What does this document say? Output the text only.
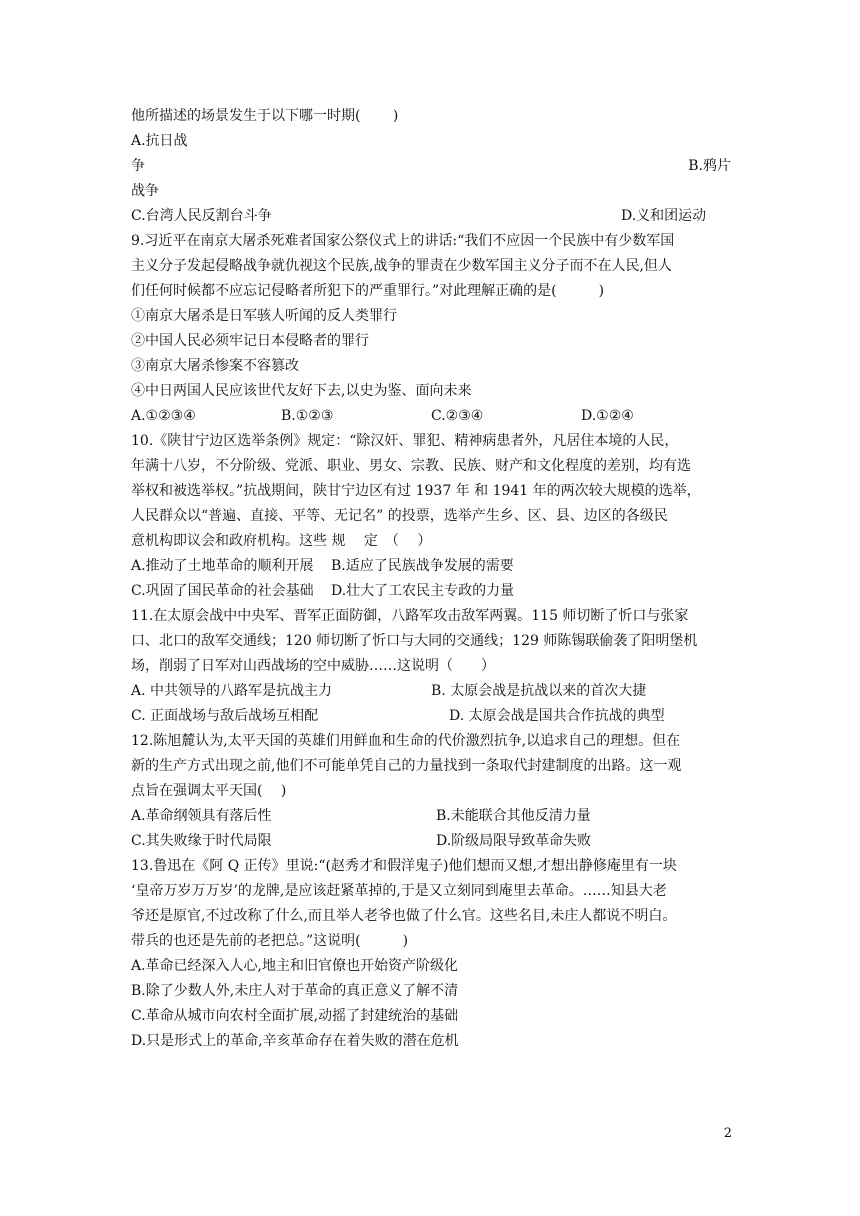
他所描述的场景发生于以下哪一时期(　　 )
A.抗日战
争	B.鸦片
战争
C.台湾人民反割台斗争	D.义和团运动
9.习近平在南京大屠杀死难者国家公祭仪式上的讲话:“我们不应因一个民族中有少数军国
主义分子发起侵略战争就仇视这个民族,战争的罪责在少数军国主义分子而不在人民,但人
们任何时候都不应忘记侵略者所犯下的严重罪行。”对此理解正确的是(　　　)
①南京大屠杀是日军骇人听闻的反人类罪行
②中国人民必须牢记日本侵略者的罪行
③南京大屠杀惨案不容篡改
④中日两国人民应该世代友好下去,以史为鉴、面向未来
A.①②③④	B.①②③	C.②③④	D.①②④
10.《陕甘宁边区选举条例》规定：“除汉奸、罪犯、精神病患者外，凡居住本境的人民，
年满十八岁，不分阶级、党派、职业、男女、宗教、民族、财产和文化程度的差别，均有选
举权和被选举权。”抗战期间，陕甘宁边区有过 1937 年 和 1941 年的两次较大规模的选举，
人民群众以“普遍、直接、平等、无记名” 的投票，选举产生乡、区、县、边区的各级民
意机构即议会和政府机构。这些 规　 定　（　 ）
A.推动了土地革命的顺利开展	B.适应了民族战争发展的需要
C.巩固了国民革命的社会基础	D.壮大了工农民主专政的力量
11.在太原会战中中央军、晋军正面防御，八路军攻击敌军两翼。115 师切断了忻口与张家
口、北口的敌军交通线；120 师切断了忻口与大同的交通线；129 师陈锡联偷袭了阳明堡机
场，削弱了日军对山西战场的空中威胁……这说明（　　）
A. 中共领导的八路军是抗战主力	B. 太原会战是抗战以来的首次大捷
C. 正面战场与敌后战场互相配	D. 太原会战是国共合作抗战的典型
12.陈旭麓认为,太平天国的英雄们用鲜血和生命的代价激烈抗争,以追求自己的理想。但在
新的生产方式出现之前,他们不可能单凭自己的力量找到一条取代封建制度的出路。这一观
点旨在强调太平天国(　 )
A.革命纲领具有落后性	B.未能联合其他反清力量
C.其失败缘于时代局限	D.阶级局限导致革命失败
13.鲁迅在《阿 Q 正传》里说:“(赵秀才和假洋鬼子)他们想而又想,才想出静修庵里有一块
‘皇帝万岁万万岁’的龙牌,是应该赶紧革掉的,于是又立刻同到庵里去革命。……知县大老
爷还是原官,不过改称了什么,而且举人老爷也做了什么官。这些名目,未庄人都说不明白。
带兵的也还是先前的老把总。”这说明(　　　)
A.革命已经深入人心,地主和旧官僚也开始资产阶级化
B.除了少数人外,未庄人对于革命的真正意义了解不清
C.革命从城市向农村全面扩展,动摇了封建统治的基础
D.只是形式上的革命,辛亥革命存在着失败的潜在危机
2
